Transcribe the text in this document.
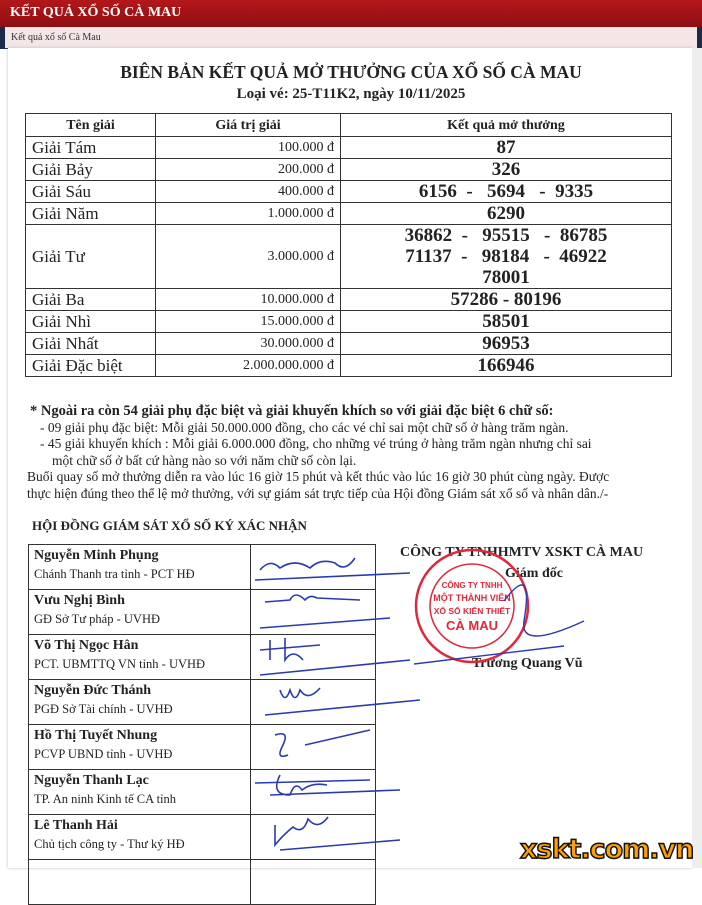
KẾT QUẢ XỔ SỐ CÀ MAU
Kết quả xổ số Cà Mau
BIÊN BẢN KẾT QUẢ MỞ THƯỞNG CỦA XỔ SỐ CÀ MAU
Loại vé: 25-T11K2, ngày 10/11/2025
Tên giải	Giá trị giải	Kết quả mở thưởng
Giải Tám	100.000 đ	87

Giải Bảy	200.000 đ	326

Giải Sáu	400.000 đ	6156  -   5694   -  9335

Giải Năm	1.000.000 đ	6290

Giải Tư	3.000.000 đ	36862  -   95515   -  86785
71137  -   98184   -  46922
78001

Giải Ba	10.000.000 đ	57286 - 80196

Giải Nhì	15.000.000 đ	58501

Giải Nhất	30.000.000 đ	96953

Giải Đặc biệt	2.000.000.000 đ	166946
* Ngoài ra còn 54 giải phụ đặc biệt và giải khuyến khích so với giải đặc biệt 6 chữ số:
- 09 giải phụ đặc biệt: Mỗi giải 50.000.000 đồng, cho các vé chỉ sai một chữ số ở hàng trăm ngàn.
- 45 giải khuyến khích : Mỗi giải 6.000.000 đồng, cho những vé trúng ở hàng trăm ngàn nhưng chỉ sai
một chữ số ở bất cứ hàng nào so với năm chữ số còn lại.
Buổi quay số mở thưởng diễn ra vào lúc 16 giờ 15 phút và kết thúc vào lúc 16 giờ 30 phút cùng ngày. Được
thực hiện đúng theo thể lệ mở thưởng, với sự giám sát trực tiếp của Hội đồng Giám sát xổ số và nhân dân./-
HỘI ĐỒNG GIÁM SÁT XỔ SỐ KÝ XÁC NHẬN
Nguyễn Minh Phụng
Chánh Thanh tra tỉnh - PCT HĐ	

Vưu Nghị Bình
GĐ Sở Tư pháp - UVHĐ	

Võ Thị Ngọc Hân
PCT. UBMTTQ VN tỉnh - UVHĐ	

Nguyễn Đức Thánh
PGĐ Sở Tài chính - UVHĐ	

Hồ Thị Tuyết Nhung
PCVP UBND tỉnh - UVHĐ	

Nguyễn Thanh Lạc
TP. An ninh Kinh tế CA tỉnh	

Lê Thanh Hải
Chủ tịch công ty - Thư ký HĐ	

CÔNG TY TNHHMTV XSKT CÀ MAU
Giám đốc
Trương Quang Vũ
CÔNG TY TNHH
MỘT THÀNH VIÊN
XỔ SỐ KIẾN THIẾT
CÀ MAU
xskt.com.vn
